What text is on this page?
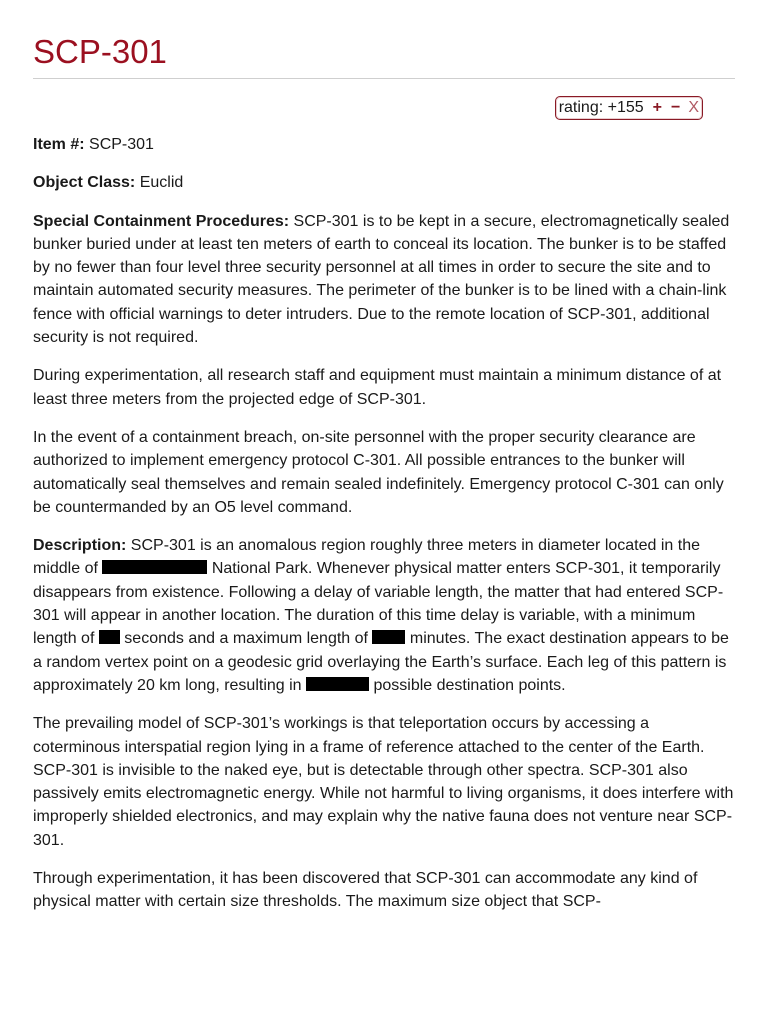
SCP-301
rating: +155 + − X

Item #: SCP-301

Object Class: Euclid

Special Containment Procedures: SCP-301 is to be kept in a secure, electromagnetically sealed bunker buried under at least ten meters of earth to conceal its location. The bunker is to be staffed by no fewer than four level three security personnel at all times in order to secure the site and to maintain automated security measures. The perimeter of the bunker is to be lined with a chain-link fence with official warnings to deter intruders. Due to the remote location of SCP-301, additional security is not required.

During experimentation, all research staff and equipment must maintain a minimum distance of at least three meters from the projected edge of SCP-301.

In the event of a containment breach, on-site personnel with the proper security clearance are authorized to implement emergency protocol C-301. All possible entrances to the bunker will automatically seal themselves and remain sealed indefinitely. Emergency protocol C-301 can only be countermanded by an O5 level command.

Description: SCP-301 is an anomalous region roughly three meters in diameter located in the middle of	National Park. Whenever physical matter enters SCP-301, it temporarily disappears from existence. Following a delay of variable length, the matter that had entered SCP-301 will appear in another location. The duration of this time delay is variable, with a minimum length of seconds and a maximum length of	minutes. The exact destination appears to be a random vertex point on a geodesic grid overlaying the Earth’s surface. Each leg of this pattern is approximately 20 km long, resulting in	possible destination points.

The prevailing model of SCP-301’s workings is that teleportation occurs by accessing a coterminous interspatial region lying in a frame of reference attached to the center of the Earth. SCP-301 is invisible to the naked eye, but is detectable through other spectra. SCP-301 also passively emits electromagnetic energy. While not harmful to living organisms, it does interfere with improperly shielded electronics, and may explain why the native fauna does not venture near SCP-301.

Through experimentation, it has been discovered that SCP-301 can accommodate any kind of physical matter with certain size thresholds. The maximum size object that SCP-
